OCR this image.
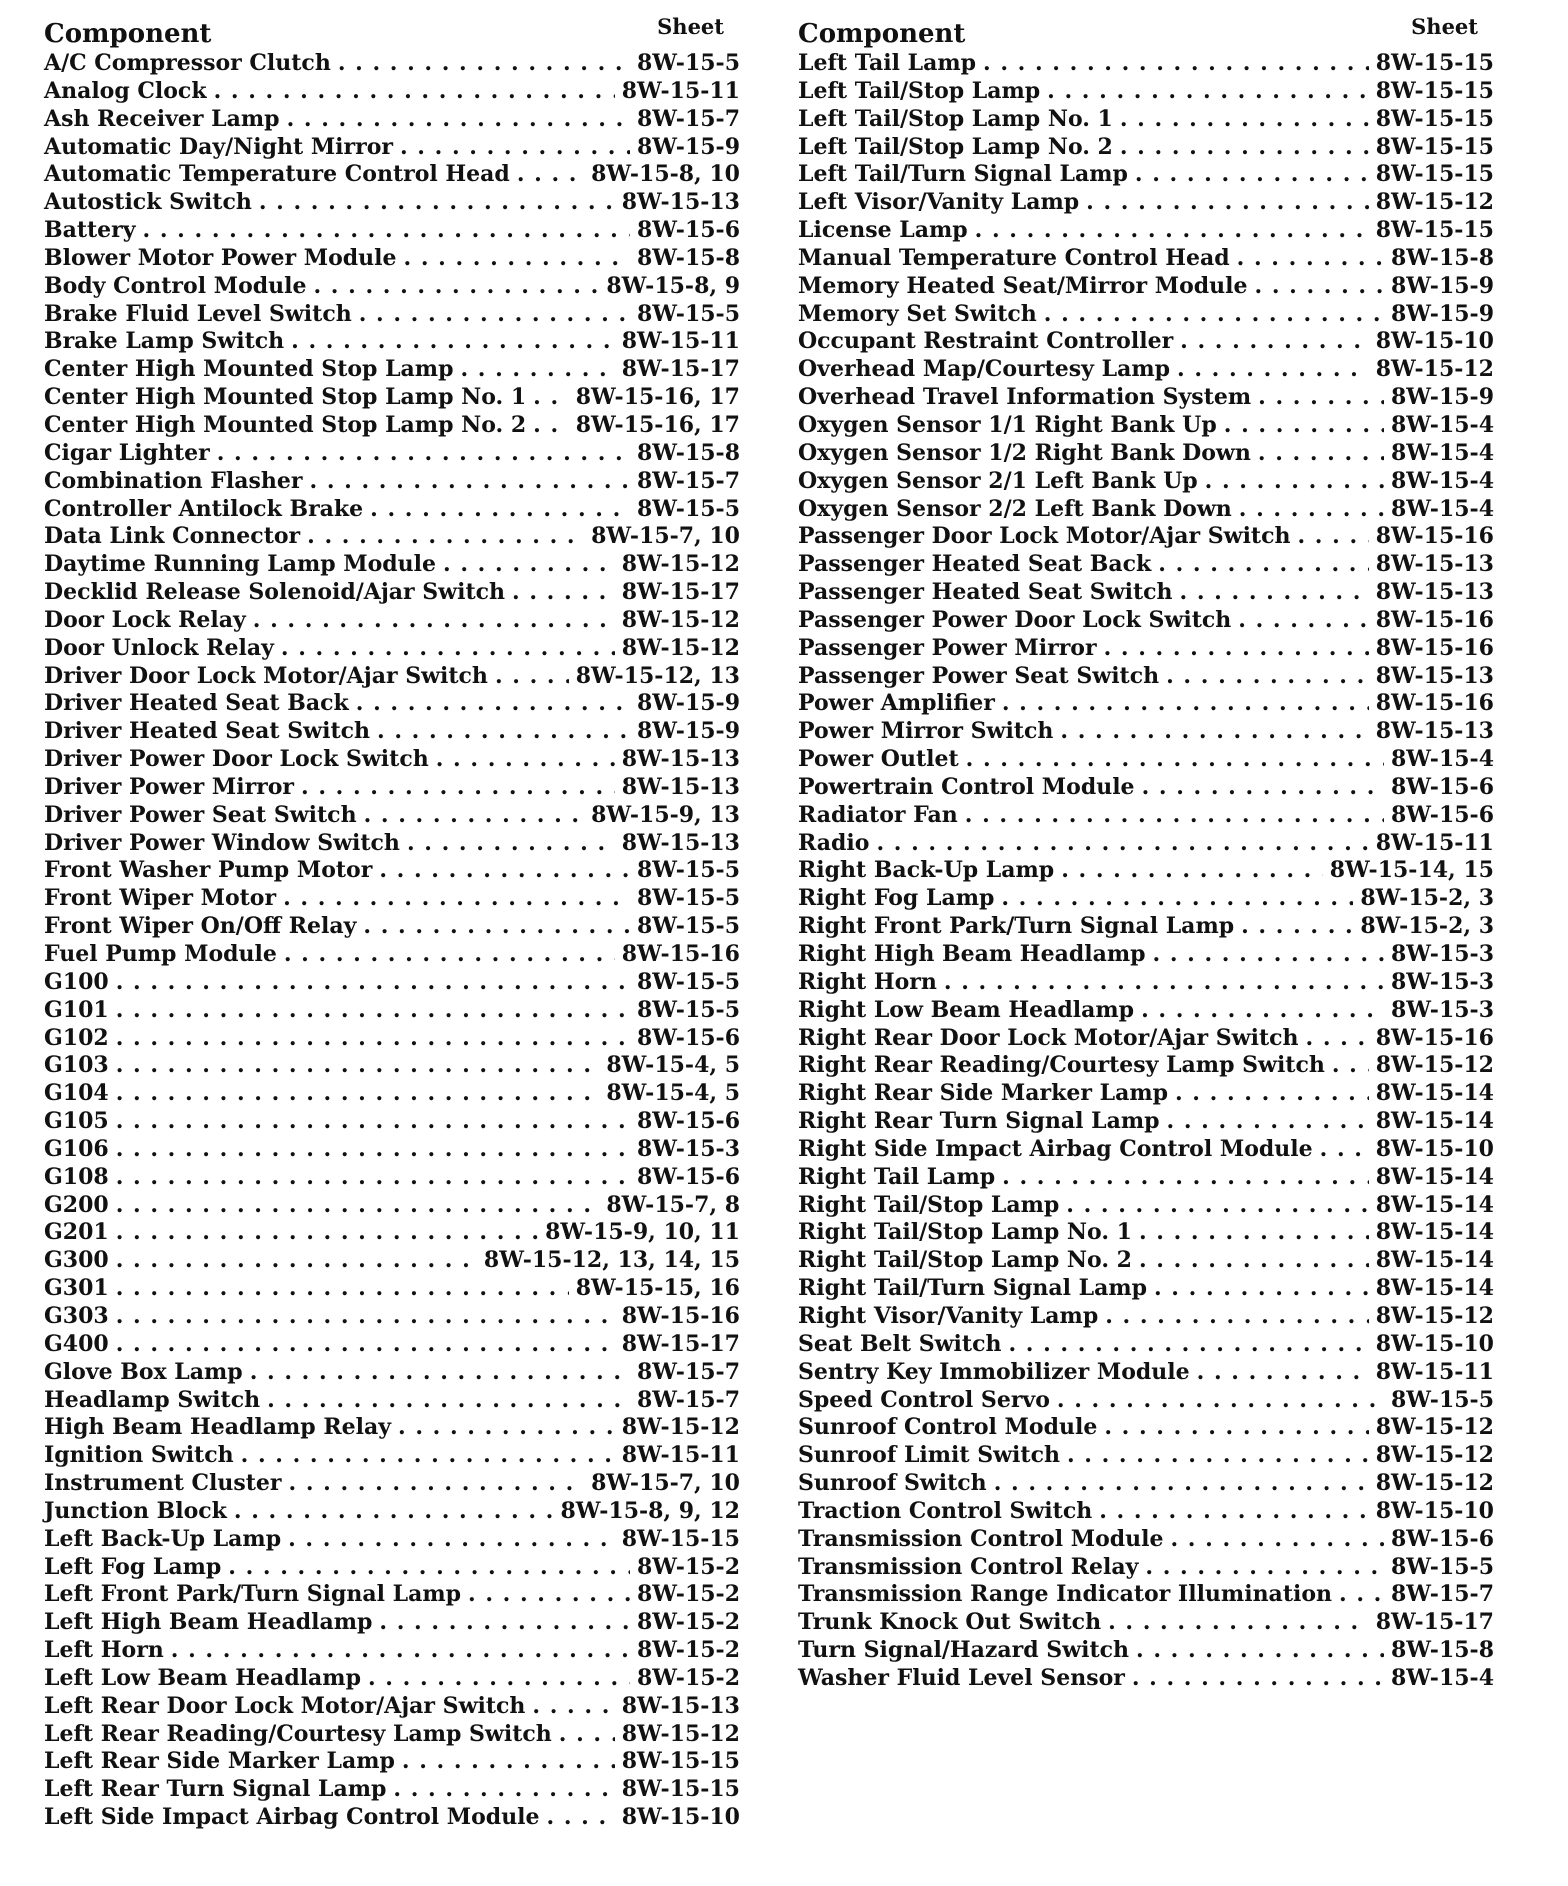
Component	Sheet
A/C Compressor Clutch . . .	8W-15-5
Analog Clock . . .	8W-15-11
Ash Receiver Lamp . . .	8W-15-7
Automatic Day/Night Mirror . . .	8W-15-9
Automatic Temperature Control Head . . .	8W-15-8, 10
Autostick Switch . . .	8W-15-13
Battery . . .	8W-15-6
Blower Motor Power Module . . .	8W-15-8
Body Control Module . . .	8W-15-8, 9
Brake Fluid Level Switch . . .	8W-15-5
Brake Lamp Switch . . .	8W-15-11
Center High Mounted Stop Lamp . . .	8W-15-17
Center High Mounted Stop Lamp No. 1 . . . 8W-15-16, 17
Center High Mounted Stop Lamp No. 2 . . . 8W-15-16, 17
Cigar Lighter . . .	8W-15-8
Combination Flasher . . .	8W-15-7
Controller Antilock Brake . . .	8W-15-5
Data Link Connector . . .	8W-15-7, 10
Daytime Running Lamp Module . . .	8W-15-12
Decklid Release Solenoid/Ajar Switch . . .	8W-15-17
Door Lock Relay . . .	8W-15-12
Door Unlock Relay . . .	8W-15-12
Driver Door Lock Motor/Ajar Switch . . .	8W-15-12, 13
Driver Heated Seat Back . . .	8W-15-9
Driver Heated Seat Switch . . .	8W-15-9
Driver Power Door Lock Switch . . .	8W-15-13
Driver Power Mirror . . .	8W-15-13
Driver Power Seat Switch . . .	8W-15-9, 13
Driver Power Window Switch . . .	8W-15-13
Front Washer Pump Motor . . .	8W-15-5
Front Wiper Motor . . .	8W-15-5
Front Wiper On/Off Relay . . .	8W-15-5
Fuel Pump Module . . .	8W-15-16
G100 . . .	8W-15-5
G101 . . .	8W-15-5
G102 . . .	8W-15-6
G103 . . .	8W-15-4, 5
G104 . . .	8W-15-4, 5
G105 . . .	8W-15-6
G106 . . .	8W-15-3
G108 . . .	8W-15-6
G200 . . .	8W-15-7, 8
G201 . . .	8W-15-9, 10, 11
G300 . . .	8W-15-12, 13, 14, 15
G301 . . .	8W-15-15, 16
G303 . . .	8W-15-16
G400 . . .	8W-15-17
Glove Box Lamp . . .	8W-15-7
Headlamp Switch . . .	8W-15-7
High Beam Headlamp Relay . . .	8W-15-12
Ignition Switch . . .	8W-15-11
Instrument Cluster . . .	8W-15-7, 10
Junction Block . . .	8W-15-8, 9, 12
Left Back-Up Lamp . . .	8W-15-15
Left Fog Lamp . . .	8W-15-2
Left Front Park/Turn Signal Lamp . . .	8W-15-2
Left High Beam Headlamp . . .	8W-15-2
Left Horn . . .	8W-15-2
Left Low Beam Headlamp . . .	8W-15-2
Left Rear Door Lock Motor/Ajar Switch . . .	8W-15-13
Left Rear Reading/Courtesy Lamp Switch . . .	8W-15-12
Left Rear Side Marker Lamp . . .	8W-15-15
Left Rear Turn Signal Lamp . . .	8W-15-15
Left Side Impact Airbag Control Module . . .	8W-15-10
Component	Sheet
Left Tail Lamp . . .	8W-15-15
Left Tail/Stop Lamp . . .	8W-15-15
Left Tail/Stop Lamp No. 1 . . .	8W-15-15
Left Tail/Stop Lamp No. 2 . . .	8W-15-15
Left Tail/Turn Signal Lamp . . .	8W-15-15
Left Visor/Vanity Lamp . . .	8W-15-12
License Lamp . . .	8W-15-15
Manual Temperature Control Head . . .	8W-15-8
Memory Heated Seat/Mirror Module . . .	8W-15-9
Memory Set Switch . . .	8W-15-9
Occupant Restraint Controller . . .	8W-15-10
Overhead Map/Courtesy Lamp . . .	8W-15-12
Overhead Travel Information System . . .	8W-15-9
Oxygen Sensor 1/1 Right Bank Up . . .	8W-15-4
Oxygen Sensor 1/2 Right Bank Down . . .	8W-15-4
Oxygen Sensor 2/1 Left Bank Up . . .	8W-15-4
Oxygen Sensor 2/2 Left Bank Down . . .	8W-15-4
Passenger Door Lock Motor/Ajar Switch . . .	8W-15-16
Passenger Heated Seat Back . . .	8W-15-13
Passenger Heated Seat Switch . . .	8W-15-13
Passenger Power Door Lock Switch . . .	8W-15-16
Passenger Power Mirror . . .	8W-15-16
Passenger Power Seat Switch . . .	8W-15-13
Power Amplifier . . .	8W-15-16
Power Mirror Switch . . .	8W-15-13
Power Outlet . . .	8W-15-4
Powertrain Control Module . . .	8W-15-6
Radiator Fan . . .	8W-15-6
Radio . . .	8W-15-11
Right Back-Up Lamp . . .	8W-15-14, 15
Right Fog Lamp . . .	8W-15-2, 3
Right Front Park/Turn Signal Lamp . . .	8W-15-2, 3
Right High Beam Headlamp . . .	8W-15-3
Right Horn . . .	8W-15-3
Right Low Beam Headlamp . . .	8W-15-3
Right Rear Door Lock Motor/Ajar Switch . . .	8W-15-16
Right Rear Reading/Courtesy Lamp Switch . . . 8W-15-12
Right Rear Side Marker Lamp . . .	8W-15-14
Right Rear Turn Signal Lamp . . .	8W-15-14
Right Side Impact Airbag Control Module . . .	8W-15-10
Right Tail Lamp . . .	8W-15-14
Right Tail/Stop Lamp . . .	8W-15-14
Right Tail/Stop Lamp No. 1 . . .	8W-15-14
Right Tail/Stop Lamp No. 2 . . .	8W-15-14
Right Tail/Turn Signal Lamp . . .	8W-15-14
Right Visor/Vanity Lamp . . .	8W-15-12
Seat Belt Switch . . .	8W-15-10
Sentry Key Immobilizer Module . . .	8W-15-11
Speed Control Servo . . .	8W-15-5
Sunroof Control Module . . .	8W-15-12
Sunroof Limit Switch . . .	8W-15-12
Sunroof Switch . . .	8W-15-12
Traction Control Switch . . .	8W-15-10
Transmission Control Module . . .	8W-15-6
Transmission Control Relay . . .	8W-15-5
Transmission Range Indicator Illumination . . .	8W-15-7
Trunk Knock Out Switch . . .	8W-15-17
Turn Signal/Hazard Switch . . .	8W-15-8
Washer Fluid Level Sensor . . .	8W-15-4
